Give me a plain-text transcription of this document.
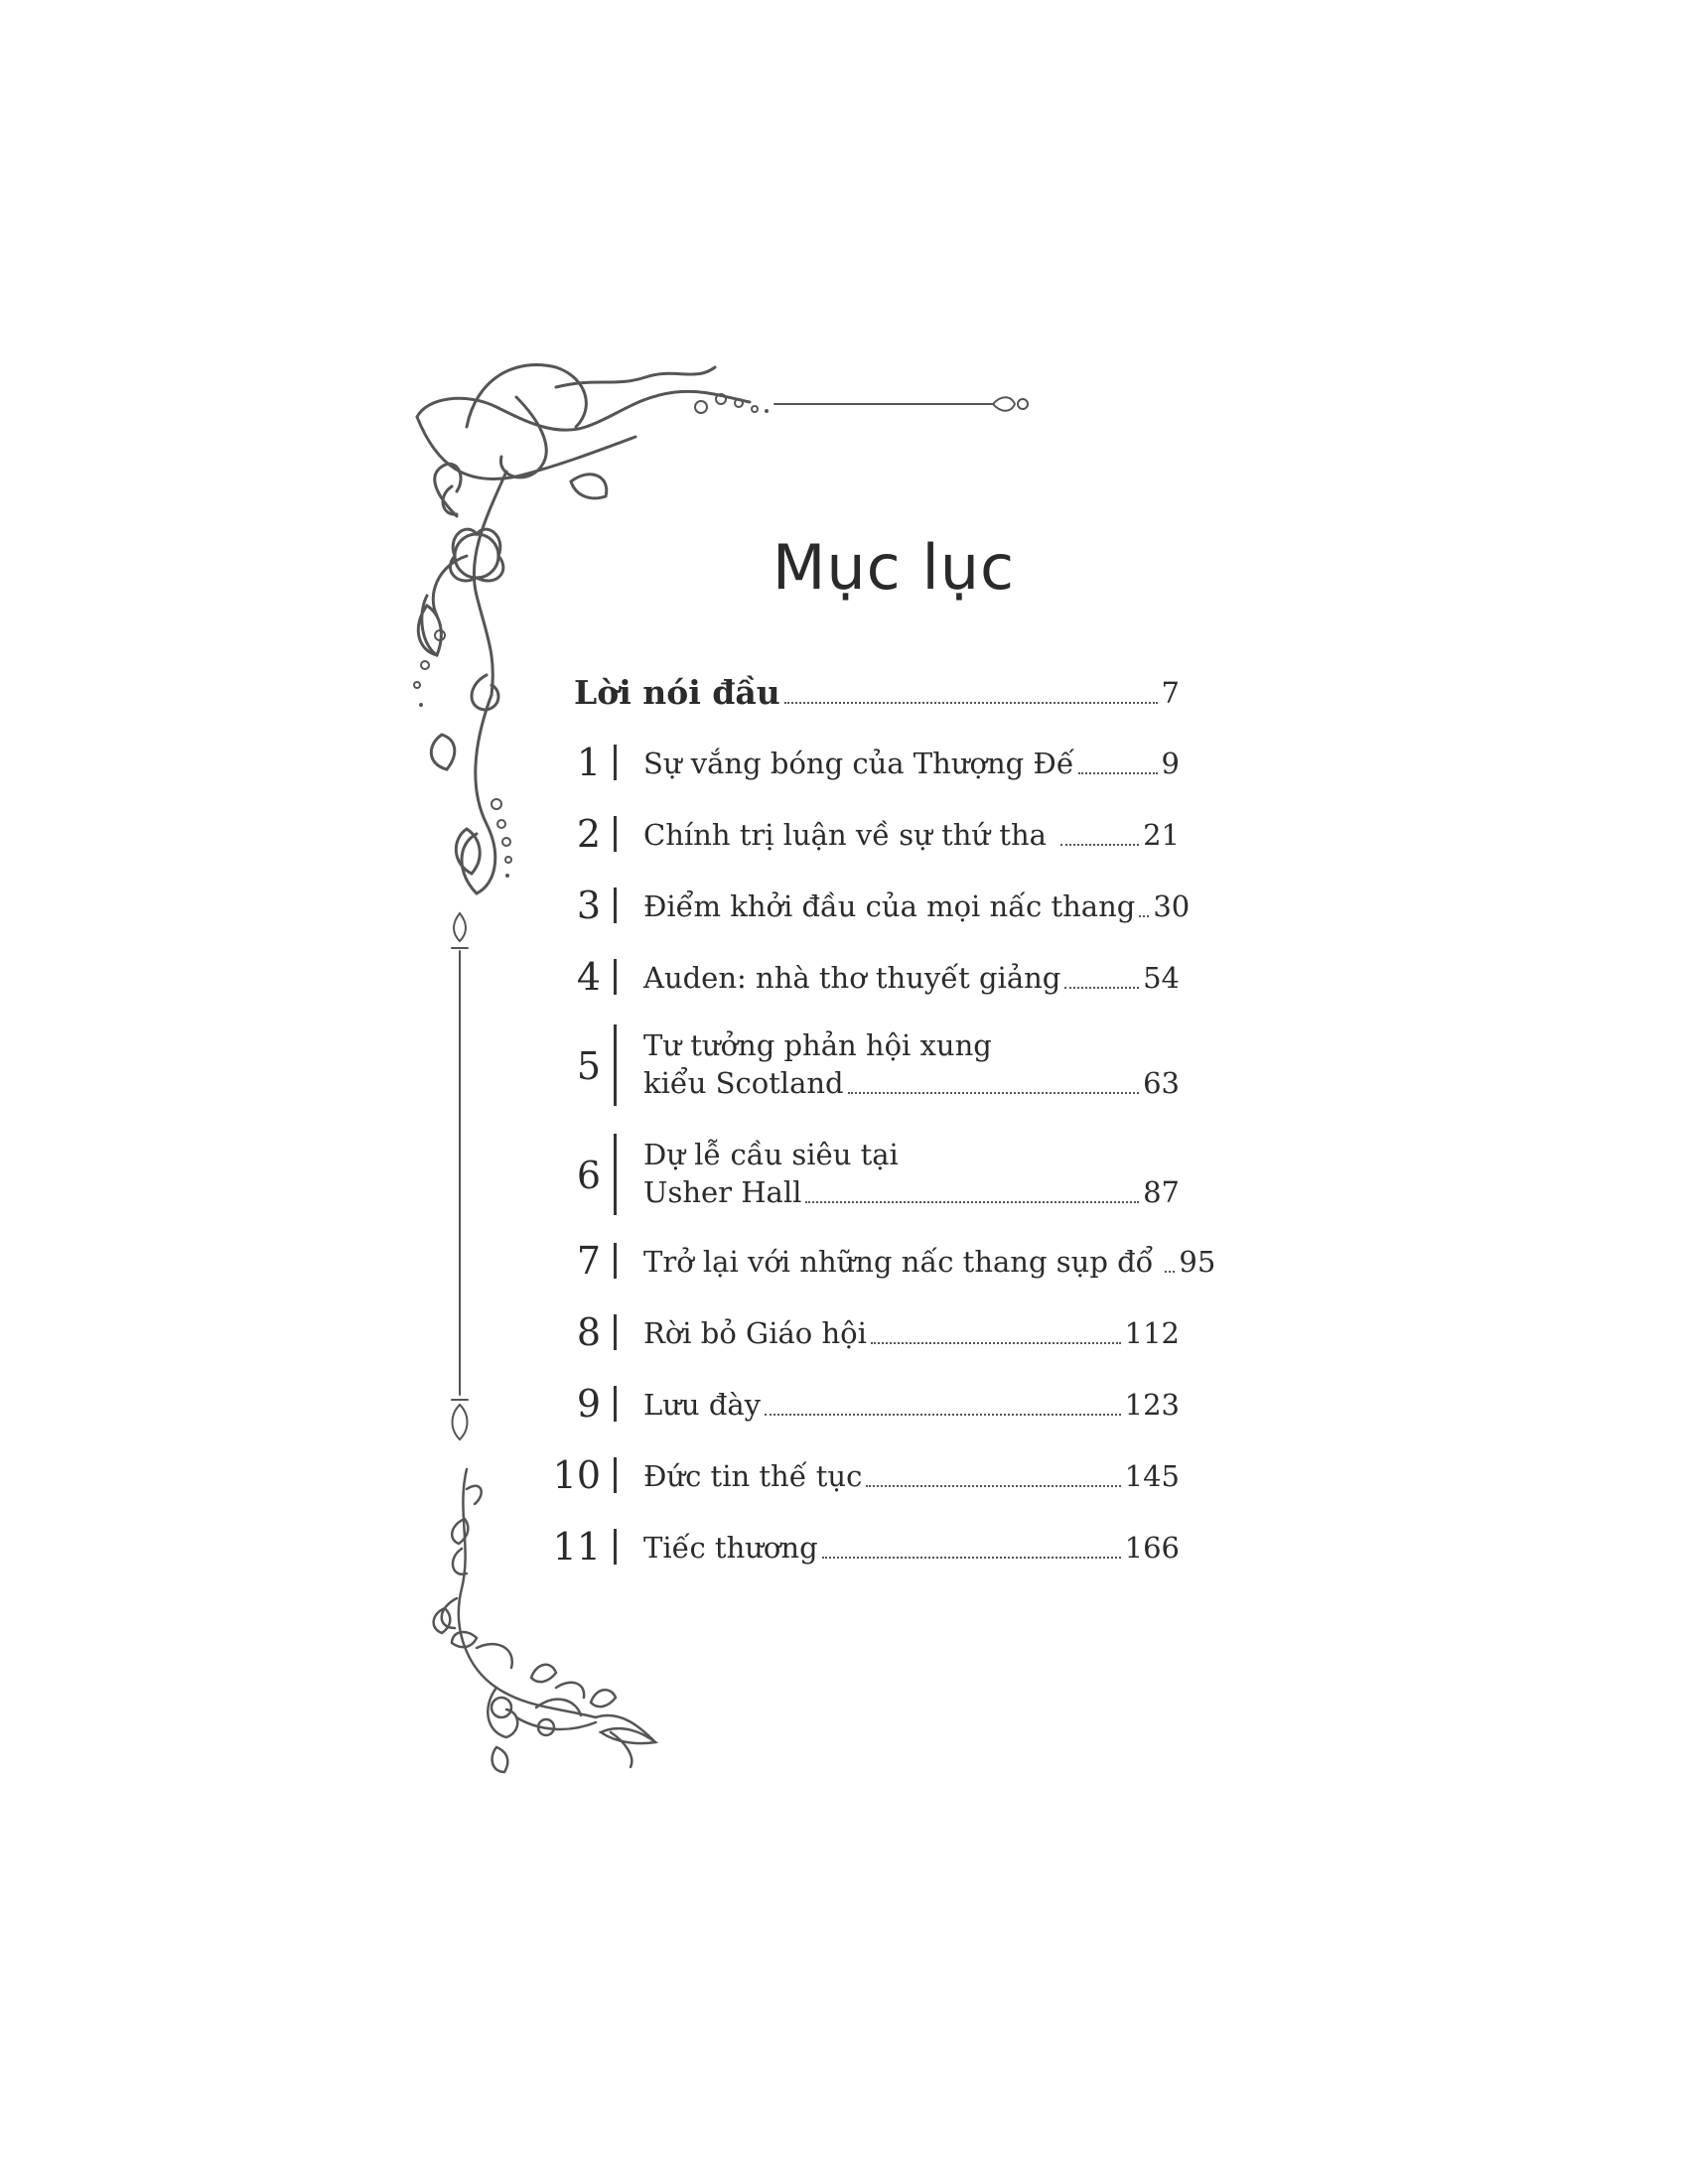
Mục lục
Lời nói đầu	7
1 Sự vắng bóng của Thượng Đế	9
2 Chính trị luận về sự thứ tha	21
3 Điểm khởi đầu của mọi nấc thang 30
4 Auden: nhà thơ thuyết giảng	54
5 Tư tưởng phản hội xung
kiểu Scotland	63
6 Dự lễ cầu siêu tại
Usher Hall	87
7 Trở lại với những nấc thang sụp đổ 95
8 Rời bỏ Giáo hội	112
9 Lưu đày	123
10 Đức tin thế tục	145
11 Tiếc thương	166
